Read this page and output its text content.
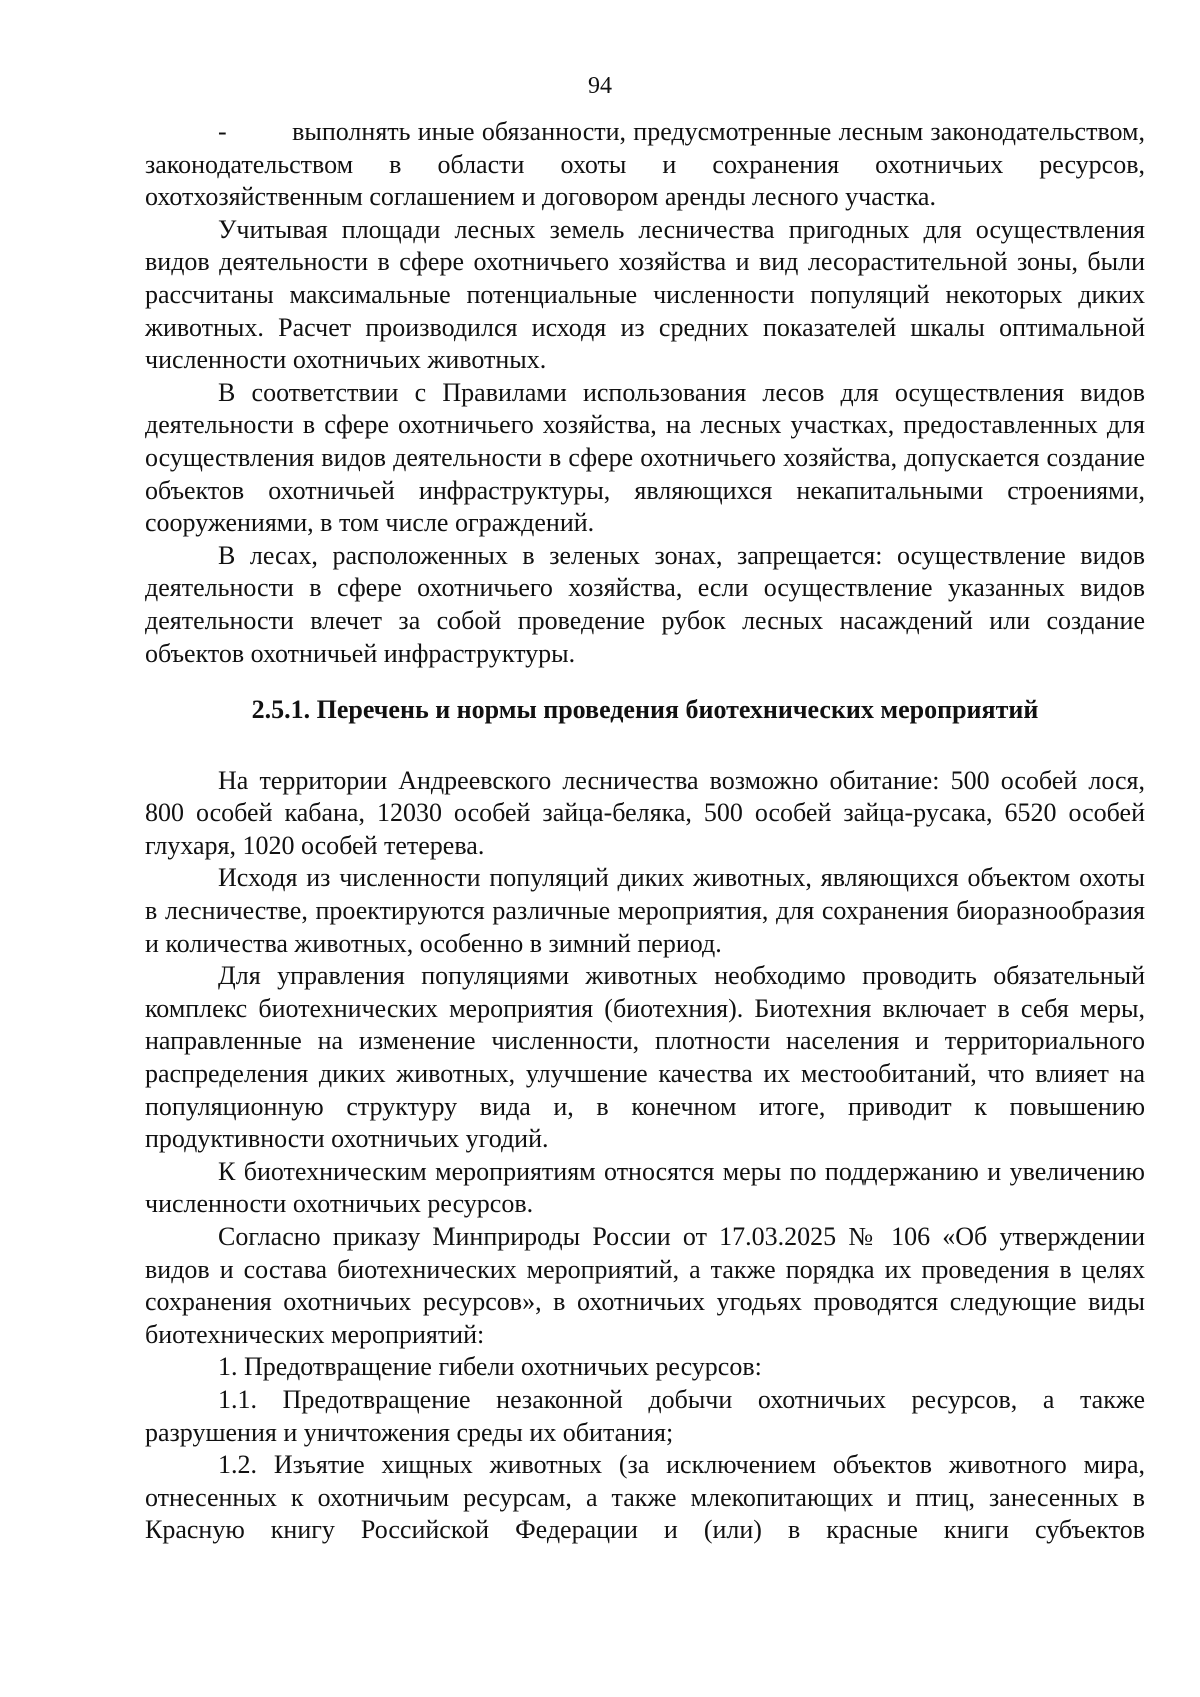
94

-         выполнять иные обязанности, предусмотренные лесным законодательством, законодательством в области охоты и сохранения охотничьих ресурсов, охотхозяйственным соглашением и договором аренды лесного участка.

Учитывая площади лесных земель лесничества пригодных для осуществления видов деятельности в сфере охотничьего хозяйства и вид лесорастительной зоны, были рассчитаны максимальные потенциальные численности популяций некоторых диких животных. Расчет производился исходя из средних показателей шкалы оптимальной численности охотничьих животных.

В соответствии с Правилами использования лесов для осуществления видов деятельности в сфере охотничьего хозяйства, на лесных участках, предоставленных для осуществления видов деятельности в сфере охотничьего хозяйства, допускается создание объектов охотничьей инфраструктуры, являющихся некапитальными строениями, сооружениями, в том числе ограждений.

В лесах, расположенных в зеленых зонах, запрещается: осуществление видов деятельности в сфере охотничьего хозяйства, если осуществление указанных видов деятельности влечет за собой проведение рубок лесных насаждений или создание объектов охотничьей инфраструктуры.

2.5.1. Перечень и нормы проведения биотехнических мероприятий

На территории Андреевского лесничества возможно обитание: 500 особей лося, 800 особей кабана, 12030 особей зайца-беляка, 500 особей зайца-русака, 6520 особей глухаря, 1020 особей тетерева.

Исходя из численности популяций диких животных, являющихся объектом охоты в лесничестве, проектируются различные мероприятия, для сохранения биоразнообразия и количества животных, особенно в зимний период.

Для управления популяциями животных необходимо проводить обязательный комплекс биотехнических мероприятия (биотехния). Биотехния включает в себя меры, направленные на изменение численности, плотности населения и территориального распределения диких животных, улучшение качества их местообитаний, что влияет на популяционную структуру вида и, в конечном итоге, приводит к повышению продуктивности охотничьих угодий.

К биотехническим мероприятиям относятся меры по поддержанию и увеличению численности охотничьих ресурсов.

Согласно приказу Минприроды России от 17.03.2025 № 106 «Об утверждении видов и состава биотехнических мероприятий, а также порядка их проведения в целях сохранения охотничьих ресурсов», в охотничьих угодьях проводятся следующие виды биотехнических мероприятий:

1. Предотвращение гибели охотничьих ресурсов:

1.1. Предотвращение незаконной добычи охотничьих ресурсов, а также разрушения и уничтожения среды их обитания;

1.2. Изъятие хищных животных (за исключением объектов животного мира, отнесенных к охотничьим ресурсам, а также млекопитающих и птиц, занесенных в Красную книгу Российской Федерации и (или) в красные книги субъектов
